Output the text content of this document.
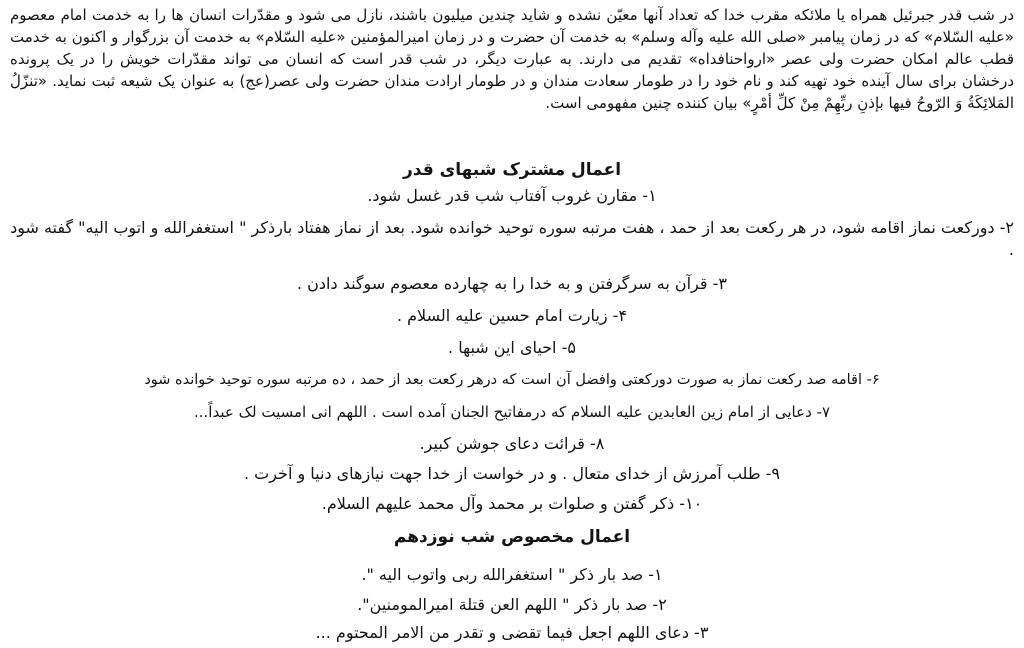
در شب قدر جبرئیل همراه یا ملائکه مقرب خدا که تعداد آنها معیّن نشده و شاید چندین میلیون باشند، نازل می شود و مقدّرات انسان ها را به خدمت امام معصوم «علیه السّلام» که در زمان پیامبر «صلی الله علیه وآله وسلم» به خدمت آن حضرت و در زمان امیرالمؤمنین «علیه السّلام» به خدمت آن بزرگوار و اکنون به خدمت قطب عالم امکان حضرت ولی عصر «ارواحنافداه» تقدیم می دارند. به عبارت دیگر، در شب قدر است که انسان می تواند مقدّرات خویش را در یک پرونده درخشان برای سال آینده خود تهیه کند و نام خود را در طومار سعادت مندان و در طومار ارادت مندان حضرت ولی عصر(عج) به عنوان یک شیعه ثبت نماید. «تنزّلُ المَلائِکَةُ وَ الرّوحُ فیها بإذنِ ربِّهِمْ مِنْ کلِّ أمْرٍ» بیان کننده چنین مفهومی است.

اعمال مشترک شبهای قدر

۱- مقارن غروب آفتاب شب قدر غسل شود.

۲- دورکعت نماز اقامه شود، در هر رکعت بعد از حمد ، هفت مرتبه سوره توحید خوانده شود. بعد از نماز هفتاد بارذکر " استغفرالله و اتوب الیه" گفته شود .

۳- قرآن به سرگرفتن و به خدا را به چهارده معصوم سوگند دادن .

۴- زیارت امام حسین علیه السلام .

۵- احیای این شبها .

۶- اقامه صد رکعت نماز به صورت دورکعتی وافضل آن است که درهر رکعت بعد از حمد ، ده مرتبه سوره توحید خوانده شود

۷- دعایی از امام زین العابدین علیه السلام که درمفاتیح الجنان آمده است . اللهم انی امسیت لک عبداً...

۸- قرائت دعای جوشن کبیر.

۹- طلب آمرزش از خدای متعال . و در خواست از خدا جهت نیازهای دنیا و آخرت .

۱۰- ذکر گفتن و صلوات بر محمد وآل محمد علیهم السلام.

اعمال مخصوص شب نوزدهم

۱- صد بار ذکر " استغفرالله ربی واتوب الیه ".

۲- صد بار ذکر " اللهم العن قتلة امیرالمومنین".

۳- دعای اللهم اجعل فیما تقضی و تقدر من الامر المحتوم ...
